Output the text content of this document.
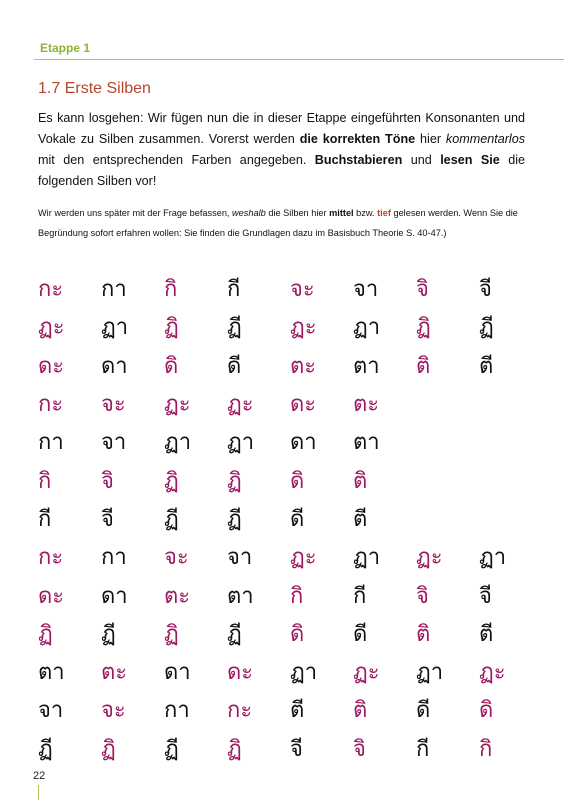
Etappe 1
1.7 Erste Silben

Es kann losgehen: Wir fügen nun die in dieser Etappe eingeführten Konsonanten und Vokale zu Silben zusammen. Vorerst werden die korrekten Töne hier kommentarlos mit den entsprechenden Farben angegeben. Buchstabieren und lesen Sie die folgenden Silben vor!

Wir werden uns später mit der Frage befassen, weshalb die Silben hier mittel bzw. tief gelesen werden. Wenn Sie die Begründung sofort erfahren wollen: Sie finden die Grundlagen dazu im Basisbuch Theorie S. 40-47.)

กะ	กา	กิ	กี	จะ	จา	จิ	จี
ฏะ	ฏา	ฏิ	ฏี	ฏะ	ฏา	ฏิ	ฏี
ดะ	ดา	ดิ	ดี	ตะ	ตา	ติ	ตี
กะ	จะ	ฏะ	ฏะ	ดะ	ตะ
กา	จา	ฏา	ฏา	ดา	ตา
กิ	จิ	ฏิ	ฏิ	ดิ	ติ
กี	จี	ฏี	ฏี	ดี	ตี
กะ	กา	จะ	จา	ฏะ	ฏา	ฏะ	ฏา
ดะ	ดา	ตะ	ตา	กิ	กี	จิ	จี
ฏิ	ฏี	ฏิ	ฏี	ดิ	ดี	ติ	ตี
ตา	ตะ	ดา	ดะ	ฏา	ฏะ	ฏา	ฏะ
จา	จะ	กา	กะ	ตี	ติ	ดี	ดิ
ฏี	ฏิ	ฏี	ฏิ	จี	จิ	กี	กิ
22
